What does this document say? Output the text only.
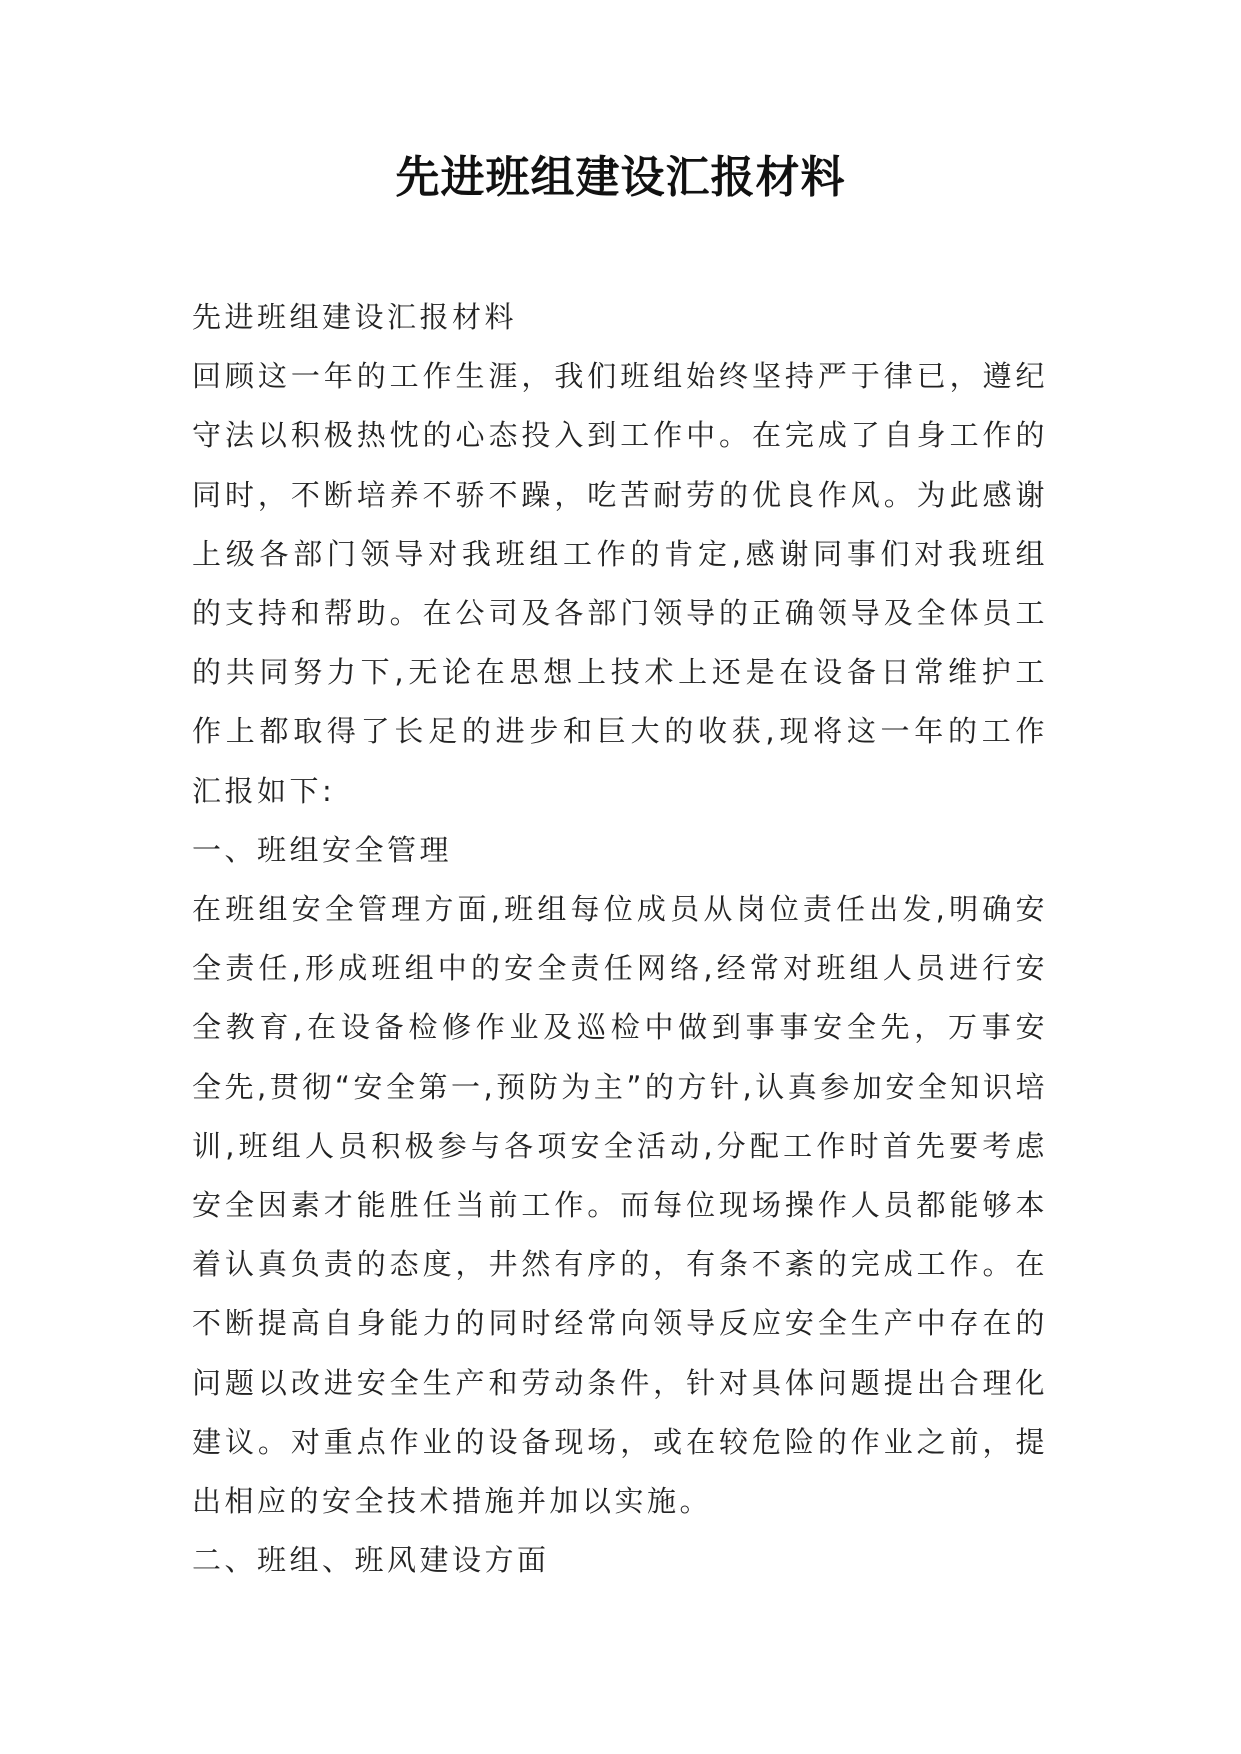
先进班组建设汇报材料

先进班组建设汇报材料

回顾这一年的工作生涯，我们班组始终坚持严于律已，遵纪守法以积极热忱的心态投入到工作中。在完成了自身工作的同时，不断培养不骄不躁，吃苦耐劳的优良作风。为此感谢上级各部门领导对我班组工作的肯定,感谢同事们对我班组的支持和帮助。在公司及各部门领导的正确领导及全体员工的共同努力下,无论在思想上技术上还是在设备日常维护工作上都取得了长足的进步和巨大的收获,现将这一年的工作汇报如下:

一、班组安全管理

在班组安全管理方面,班组每位成员从岗位责任出发,明确安全责任,形成班组中的安全责任网络,经常对班组人员进行安全教育,在设备检修作业及巡检中做到事事安全先，万事安全先,贯彻“安全第一,预防为主”的方针,认真参加安全知识培训,班组人员积极参与各项安全活动,分配工作时首先要考虑安全因素才能胜任当前工作。而每位现场操作人员都能够本着认真负责的态度，井然有序的，有条不紊的完成工作。在不断提高自身能力的同时经常向领导反应安全生产中存在的问题以改进安全生产和劳动条件，针对具体问题提出合理化建议。对重点作业的设备现场，或在较危险的作业之前，提出相应的安全技术措施并加以实施。

二、班组、班风建设方面
